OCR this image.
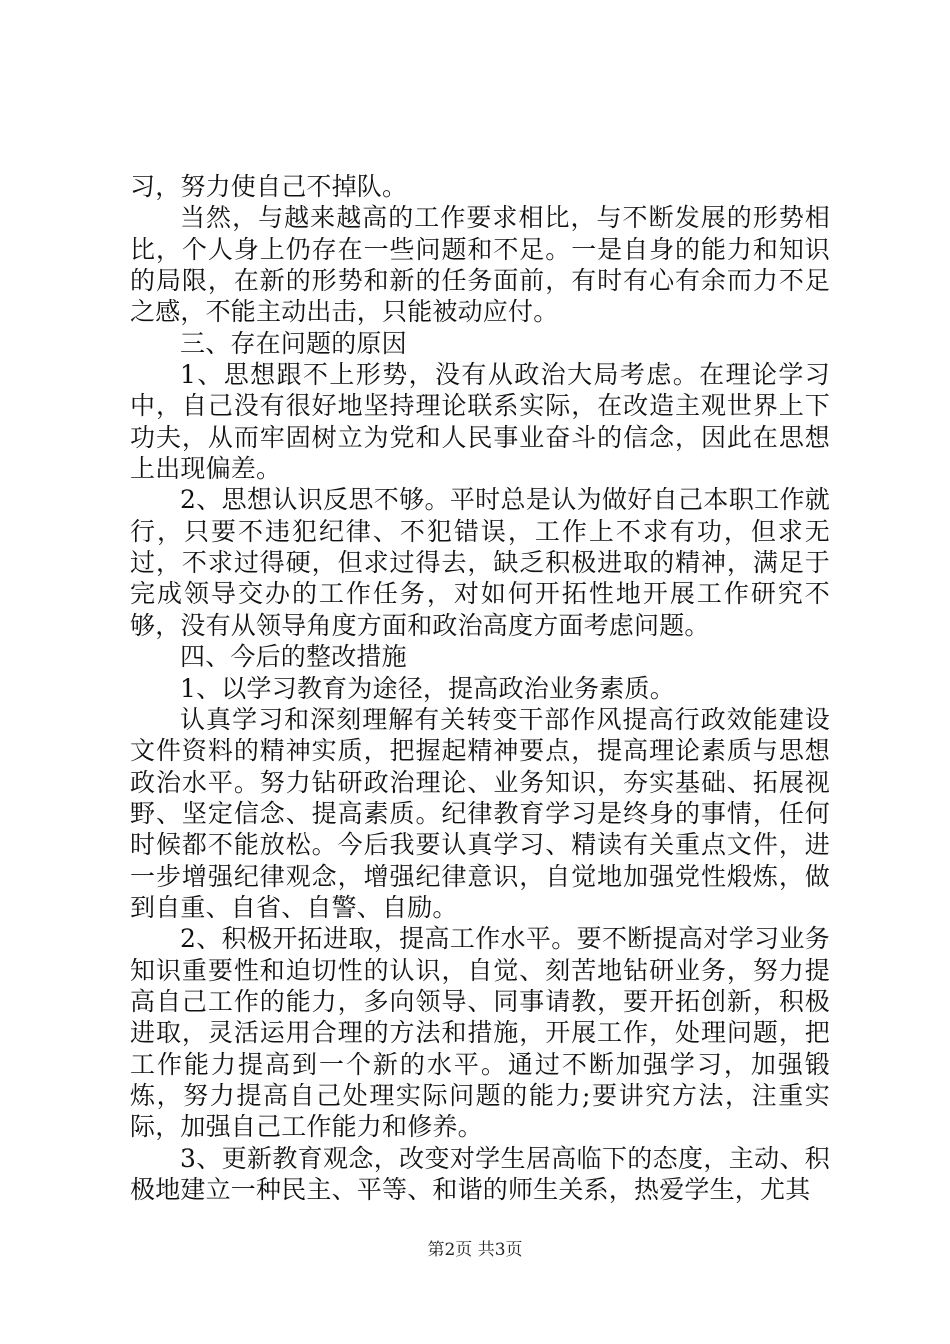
习，努力使自己不掉队。

当然，与越来越高的工作要求相比，与不断发展的形势相比，个人身上仍存在一些问题和不足。一是自身的能力和知识的局限，在新的形势和新的任务面前，有时有心有余而力不足之感，不能主动出击，只能被动应付。

三、存在问题的原因

1、思想跟不上形势，没有从政治大局考虑。在理论学习中，自己没有很好地坚持理论联系实际，在改造主观世界上下功夫，从而牢固树立为党和人民事业奋斗的信念，因此在思想上出现偏差。

2、思想认识反思不够。平时总是认为做好自己本职工作就行，只要不违犯纪律、不犯错误，工作上不求有功，但求无过，不求过得硬，但求过得去，缺乏积极进取的精神，满足于完成领导交办的工作任务，对如何开拓性地开展工作研究不够，没有从领导角度方面和政治高度方面考虑问题。

四、今后的整改措施

1、以学习教育为途径，提高政治业务素质。

认真学习和深刻理解有关转变干部作风提高行政效能建设文件资料的精神实质，把握起精神要点，提高理论素质与思想政治水平。努力钻研政治理论、业务知识，夯实基础、拓展视野、坚定信念、提高素质。纪律教育学习是终身的事情，任何时候都不能放松。今后我要认真学习、精读有关重点文件，进一步增强纪律观念，增强纪律意识，自觉地加强党性煅炼，做到自重、自省、自警、自励。

2、积极开拓进取，提高工作水平。要不断提高对学习业务知识重要性和迫切性的认识，自觉、刻苦地钻研业务，努力提高自己工作的能力，多向领导、同事请教，要开拓创新，积极进取，灵活运用合理的方法和措施，开展工作，处理问题，把工作能力提高到一个新的水平。通过不断加强学习，加强锻炼，努力提高自己处理实际问题的能力;要讲究方法，注重实际，加强自己工作能力和修养。

3、更新教育观念，改变对学生居高临下的态度，主动、积极地建立一种民主、平等、和谐的师生关系，热爱学生，尤其

第2页 共3页
